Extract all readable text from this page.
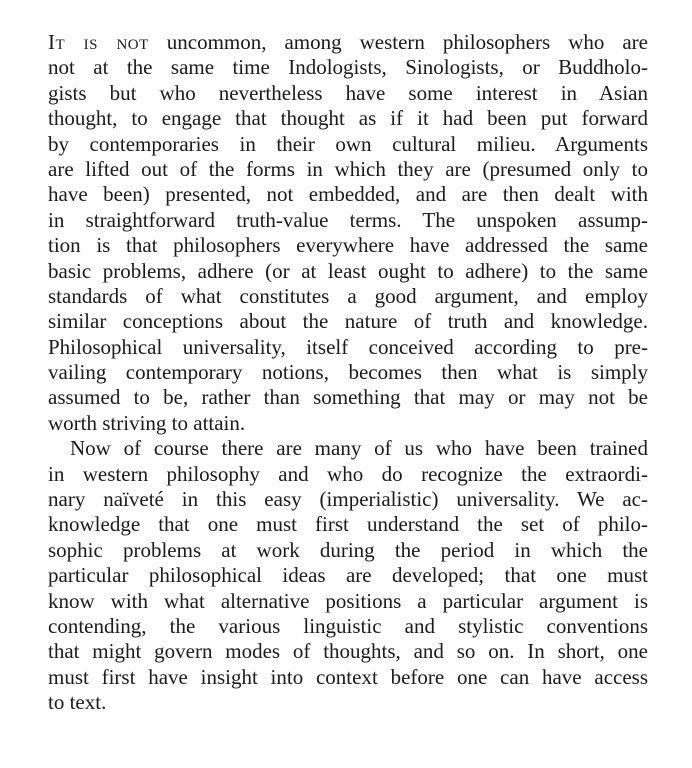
It is not uncommon, among western philosophers who are
not at the same time Indologists, Sinologists, or Buddholo-
gists but who nevertheless have some interest in Asian
thought, to engage that thought as if it had been put forward
by contemporaries in their own cultural milieu. Arguments
are lifted out of the forms in which they are (presumed only to
have been) presented, not embedded, and are then dealt with
in straightforward truth-value terms. The unspoken assump-
tion is that philosophers everywhere have addressed the same
basic problems, adhere (or at least ought to adhere) to the same
standards of what constitutes a good argument, and employ
similar conceptions about the nature of truth and knowledge.
Philosophical universality, itself conceived according to pre-
vailing contemporary notions, becomes then what is simply
assumed to be, rather than something that may or may not be
worth striving to attain.
Now of course there are many of us who have been trained
in western philosophy and who do recognize the extraordi-
nary naïveté in this easy (imperialistic) universality. We ac-
knowledge that one must first understand the set of philo-
sophic problems at work during the period in which the
particular philosophical ideas are developed; that one must
know with what alternative positions a particular argument is
contending, the various linguistic and stylistic conventions
that might govern modes of thoughts, and so on. In short, one
must first have insight into context before one can have access
to text.
